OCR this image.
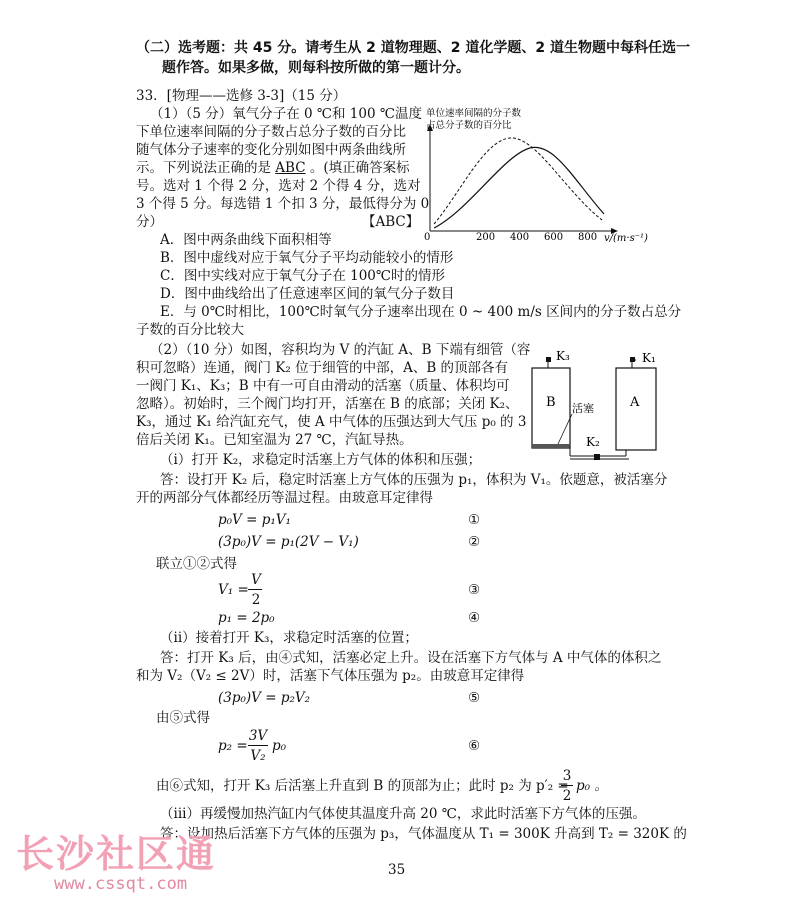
（二）选考题：共 45 分。请考生从 2 道物理题、2 道化学题、2 道生物题中每科任选一
题作答。如果多做，则每科按所做的第一题计分。
33．[物理——选修 3-3]（15 分）
（1）（5 分）氧气分子在 0 ℃和 100 ℃温度
下单位速率间隔的分子数占总分子数的百分比
随气体分子速率的变化分别如图中两条曲线所
示。下列说法正确的是 ABC 。(填正确答案标
号。选对 1 个得 2 分，选对 2 个得 4 分，选对
3 个得 5 分。每选错 1 个扣 3 分，最低得分为 0
分）	【ABC】
A．图中两条曲线下面积相等
B．图中虚线对应于氧气分子平均动能较小的情形
C．图中实线对应于氧气分子在 100℃时的情形
D．图中曲线给出了任意速率区间的氧气分子数目
E．与 0℃时相比，100℃时氧气分子速率出现在 0 ~ 400 m/s 区间内的分子数占总分
子数的百分比较大
0	200 400 600 800 v/(m·s⁻¹)
单位速率间隔的分子数
占总分子数的百分比
（2）（10 分）如图，容积均为 V 的汽缸 A、B 下端有细管（容
积可忽略）连通，阀门 K₂ 位于细管的中部，A、B 的顶部各有
一阀门 K₁、K₃；B 中有一可自由滑动的活塞（质量、体积均可
忽略）。初始时，三个阀门均打开，活塞在 B 的底部；关闭 K₂、
K₃，通过 K₁ 给汽缸充气，使 A 中气体的压强达到大气压 p₀ 的 3
倍后关闭 K₁。已知室温为 27 ℃，汽缸导热。
K₃	K₁
K₂
B	A
活塞
（i）打开 K₂，求稳定时活塞上方气体的体积和压强；
答：设打开 K₂ 后，稳定时活塞上方气体的压强为 p₁，体积为 V₁。依题意，被活塞分
开的两部分气体都经历等温过程。由玻意耳定律得
p₀V = p₁V₁	①
(3p₀)V = p₁(2V − V₁)	②
联立①②式得
V₁ =
V
2
③
p₁ = 2p₀	④
（ii）接着打开 K₃，求稳定时活塞的位置；
答：打开 K₃ 后，由④式知，活塞必定上升。设在活塞下方气体与 A 中气体的体积之
和为 V₂（V₂ ≤ 2V）时，活塞下气体压强为 p₂。由玻意耳定律得
(3p₀)V = p₂V₂	⑤
由⑤式得
p₂ =
3V
V₂
p₀	⑥
由⑥式知，打开 K₃ 后活塞上升直到 B 的顶部为止；此时 p₂ 为 p′₂ =
3
2
p₀ 。
（iii）再缓慢加热汽缸内气体使其温度升高 20 ℃，求此时活塞下方气体的压强。
答：设加热后活塞下方气体的压强为 p₃，气体温度从 T₁ = 300K 升高到 T₂ = 320K 的
35
长沙社区通
www.cssqt.com
